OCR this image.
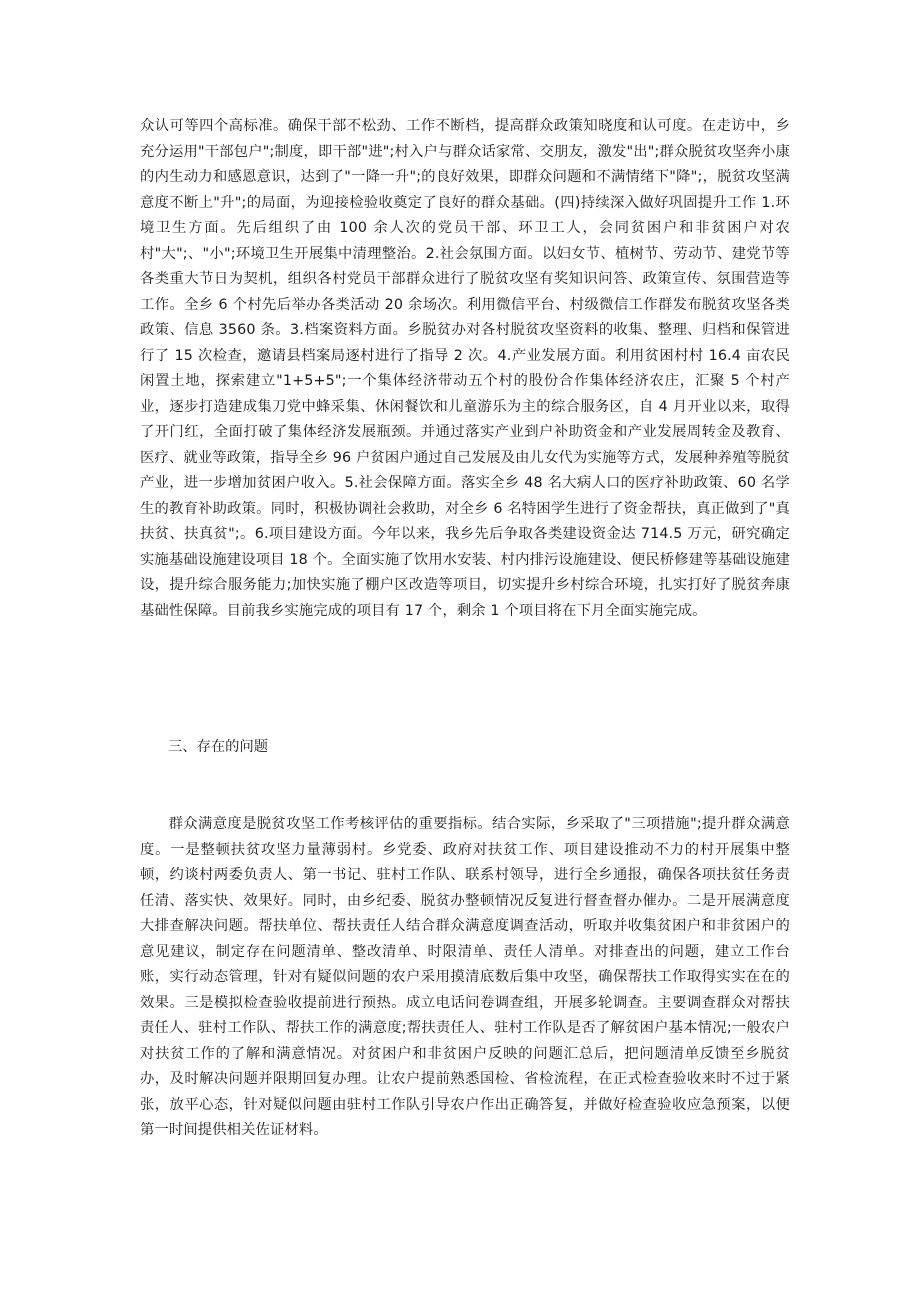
众认可等四个高标准。确保干部不松劲、工作不断档，提高群众政策知晓度和认可度。在走访中，乡充分运用"干部包户";制度，即干部"进";村入户与群众话家常、交朋友，激发"出";群众脱贫攻坚奔小康的内生动力和感恩意识，达到了"一降一升";的良好效果，即群众问题和不满情绪下"降";，脱贫攻坚满意度不断上"升";的局面，为迎接检验收奠定了良好的群众基础。(四)持续深入做好巩固提升工作 1.环境卫生方面。先后组织了由 100 余人次的党员干部、环卫工人，会同贫困户和非贫困户对农村"大";、"小";环境卫生开展集中清理整治。2.社会氛围方面。以妇女节、植树节、劳动节、建党节等各类重大节日为契机，组织各村党员干部群众进行了脱贫攻坚有奖知识问答、政策宣传、氛围营造等工作。全乡 6 个村先后举办各类活动 20 余场次。利用微信平台、村级微信工作群发布脱贫攻坚各类政策、信息 3560 条。3.档案资料方面。乡脱贫办对各村脱贫攻坚资料的收集、整理、归档和保管进行了 15 次检查，邀请县档案局逐村进行了指导 2 次。4.产业发展方面。利用贫困村村 16.4 亩农民闲置土地，探索建立"1+5+5";一个集体经济带动五个村的股份合作集体经济农庄，汇聚 5 个村产业，逐步打造建成集刀党中蜂采集、休闲餐饮和儿童游乐为主的综合服务区，自 4 月开业以来，取得了开门红，全面打破了集体经济发展瓶颈。并通过落实产业到户补助资金和产业发展周转金及教育、医疗、就业等政策，指导全乡 96 户贫困户通过自己发展及由儿女代为实施等方式，发展种养殖等脱贫产业，进一步增加贫困户收入。5.社会保障方面。落实全乡 48 名大病人口的医疗补助政策、60 名学生的教育补助政策。同时，积极协调社会救助，对全乡 6 名特困学生进行了资金帮扶，真正做到了"真扶贫、扶真贫";。6.项目建设方面。今年以来，我乡先后争取各类建设资金达 714.5 万元，研究确定实施基础设施建设项目 18 个。全面实施了饮用水安装、村内排污设施建设、便民桥修建等基础设施建设，提升综合服务能力;加快实施了棚户区改造等项目，切实提升乡村综合环境，扎实打好了脱贫奔康基础性保障。目前我乡实施完成的项目有 17 个，剩余 1 个项目将在下月全面实施完成。

三、存在的问题

群众满意度是脱贫攻坚工作考核评估的重要指标。结合实际，乡采取了"三项措施";提升群众满意度。一是整顿扶贫攻坚力量薄弱村。乡党委、政府对扶贫工作、项目建设推动不力的村开展集中整顿，约谈村两委负责人、第一书记、驻村工作队、联系村领导，进行全乡通报，确保各项扶贫任务责任清、落实快、效果好。同时，由乡纪委、脱贫办整顿情况反复进行督查督办催办。二是开展满意度大排查解决问题。帮扶单位、帮扶责任人结合群众满意度调查活动，听取并收集贫困户和非贫困户的意见建议，制定存在问题清单、整改清单、时限清单、责任人清单。对排查出的问题，建立工作台账，实行动态管理，针对有疑似问题的农户采用摸清底数后集中攻坚，确保帮扶工作取得实实在在的效果。三是模拟检查验收提前进行预热。成立电话问卷调查组，开展多轮调查。主要调查群众对帮扶责任人、驻村工作队、帮扶工作的满意度;帮扶责任人、驻村工作队是否了解贫困户基本情况;一般农户对扶贫工作的了解和满意情况。对贫困户和非贫困户反映的问题汇总后，把问题清单反馈至乡脱贫办，及时解决问题并限期回复办理。让农户提前熟悉国检、省检流程，在正式检查验收来时不过于紧张，放平心态，针对疑似问题由驻村工作队引导农户作出正确答复，并做好检查验收应急预案，以便第一时间提供相关佐证材料。
